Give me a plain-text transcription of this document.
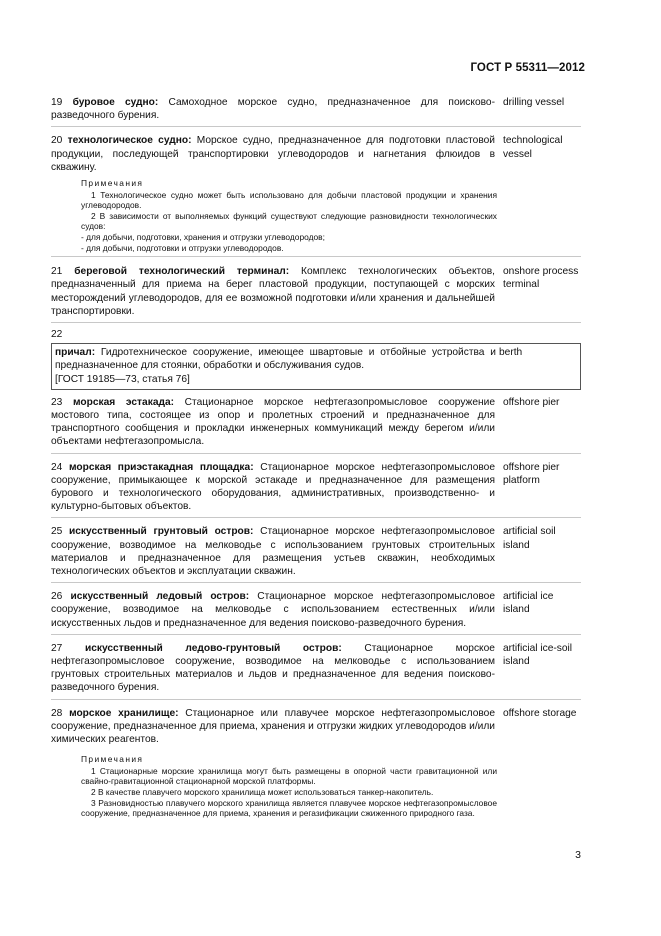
ГОСТ Р 55311—2012
19 буровое судно: Самоходное морское судно, предназначенное для поисково-разведочного бурения.
drilling vessel
20 технологическое судно: Морское судно, предназначенное для подготовки пластовой продукции, последующей транспортировки углеводородов и нагнетания флюидов в скважину.
technological vessel
Примечания

1 Технологическое судно может быть использовано для добычи пластовой продукции и хранения углеводородов.

2 В зависимости от выполняемых функций существуют следующие разновидности технологических судов:

- для добычи, подготовки, хранения и отгрузки углеводородов;

- для добычи, подготовки и отгрузки углеводородов.

21 береговой технологический терминал: Комплекс технологических объектов, предназначенный для приема на берег пластовой продукции, поступающей с морских месторождений углеводородов, для ее возможной подготовки и/или хранения и дальнейшей транспортировки.
onshore process terminal
22
причал: Гидротехническое сооружение, имеющее швартовые и отбойные устройства и предназначенное для стоянки, обработки и обслуживания судов.
[ГОСТ 19185—73, статья 76]
berth
23 морская эстакада: Стационарное морское нефтегазопромысловое сооружение мостового типа, состоящее из опор и пролетных строений и предназначенное для транспортного сообщения и прокладки инженерных коммуникаций между берегом и/или объектами нефтегазопромысла.
offshore pier
24 морская приэстакадная площадка: Стационарное морское нефтегазопромысловое сооружение, примыкающее к морской эстакаде и предназначенное для размещения бурового и технологического оборудования, административных, производственно- и культурно-бытовых объектов.
offshore pier platform
25 искусственный грунтовый остров: Стационарное морское нефтегазопромысловое сооружение, возводимое на мелководье с использованием грунтовых строительных материалов и предназначенное для размещения устьев скважин, необходимых технологических объектов и эксплуатации скважин.
artificial soil island
26 искусственный ледовый остров: Стационарное морское нефтегазопромысловое сооружение, возводимое на мелководье с использованием естественных и/или искусственных льдов и предназначенное для ведения поисково-разведочного бурения.
artificial ice island
27 искусственный ледово-грунтовый остров: Стационарное морское нефтегазопромысловое сооружение, возводимое на мелководье с использованием грунтовых строительных материалов и льдов и предназначенное для ведения поисково-разведочного бурения.
artificial ice-soil island
28 морское хранилище: Стационарное или плавучее морское нефтегазопромысловое сооружение, предназначенное для приема, хранения и отгрузки жидких углеводородов и/или химических реагентов.
offshore storage
Примечания

1 Стационарные морские хранилища могут быть размещены в опорной части гравитационной или свайно-гравитационной стационарной морской платформы.

2 В качестве плавучего морского хранилища может использоваться танкер-накопитель.

3 Разновидностью плавучего морского хранилища является плавучее морское нефтегазопромысловое сооружение, предназначенное для приема, хранения и регазификации сжиженного природного газа.

3
